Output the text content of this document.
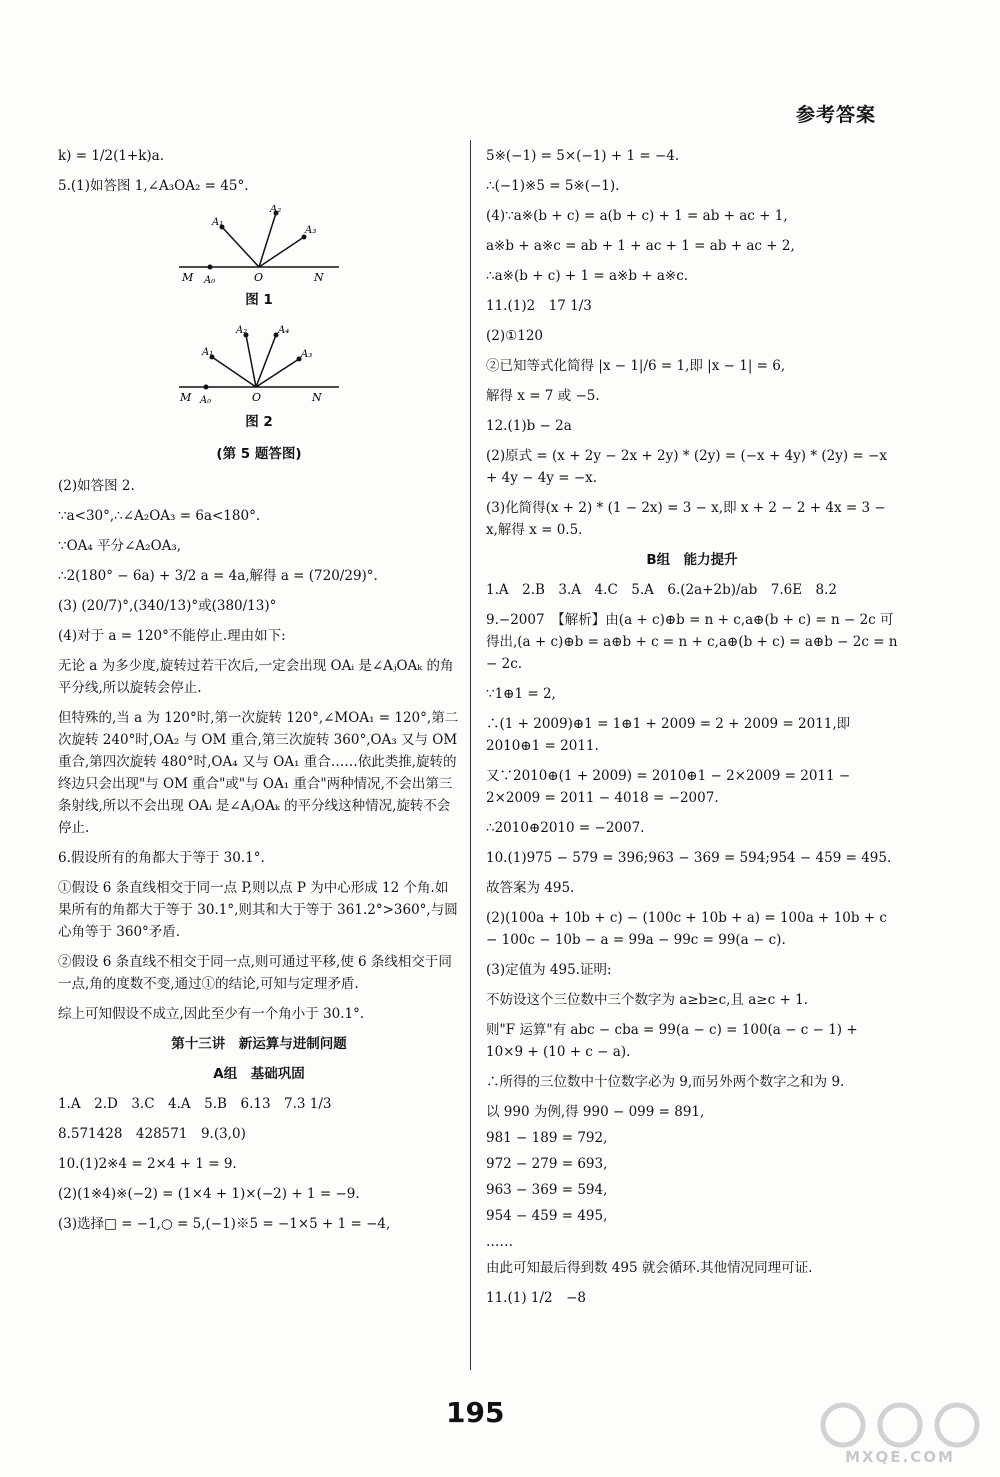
参考答案

k) = 1/2(1+k)a.

5.(1)如答图 1,∠A₃OA₂ = 45°.

M A₀	O	N
A₁
A₂
A₃

图 1

M A₀	O	N
A₁
A₂	A₄
A₃

图 2

(第 5 题答图)

(2)如答图 2.

∵a<30°,∴∠A₂OA₃ = 6a<180°.

∵OA₄ 平分∠A₂OA₃,

∴2(180° − 6a) + 3/2 a = 4a,解得 a = (720/29)°.

(3) (20/7)°,(340/13)°或(380/13)°

(4)对于 a = 120°不能停止.理由如下:

无论 a 为多少度,旋转过若干次后,一定会出现 OAᵢ 是∠AⱼOAₖ 的角平分线,所以旋转会停止.

但特殊的,当 a 为 120°时,第一次旋转 120°,∠MOA₁ = 120°,第二次旋转 240°时,OA₂ 与 OM 重合,第三次旋转 360°,OA₃ 又与 OM 重合,第四次旋转 480°时,OA₄ 又与 OA₁ 重合……依此类推,旋转的终边只会出现"与 OM 重合"或"与 OA₁ 重合"两种情况,不会出第三条射线,所以不会出现 OAᵢ 是∠AⱼOAₖ 的平分线这种情况,旋转不会停止.

6.假设所有的角都大于等于 30.1°.

①假设 6 条直线相交于同一点 P,则以点 P 为中心形成 12 个角.如果所有的角都大于等于 30.1°,则其和大于等于 361.2°>360°,与圆心角等于 360°矛盾.

②假设 6 条直线不相交于同一点,则可通过平移,使 6 条线相交于同一点,角的度数不变,通过①的结论,可知与定理矛盾.

综上可知假设不成立,因此至少有一个角小于 30.1°.

第十三讲　新运算与进制问题

A组　基础巩固

1.A　2.D　3.C　4.A　5.B　6.13　7.3 1/3

8.571428　428571　9.(3,0)

10.(1)2※4 = 2×4 + 1 = 9.

(2)(1※4)※(−2) = (1×4 + 1)×(−2) + 1 = −9.

(3)选择□ = −1,○ = 5,(−1)※5 = −1×5 + 1 = −4,

5※(−1) = 5×(−1) + 1 = −4.

∴(−1)※5 = 5※(−1).

(4)∵a※(b + c) = a(b + c) + 1 = ab + ac + 1,

a※b + a※c = ab + 1 + ac + 1 = ab + ac + 2,

∴a※(b + c) + 1 = a※b + a※c.

11.(1)2　17 1/3

(2)①120

②已知等式化简得 |x − 1|/6 = 1,即 |x − 1| = 6,

解得 x = 7 或 −5.

12.(1)b − 2a

(2)原式 = (x + 2y − 2x + 2y) * (2y) = (−x + 4y) * (2y) = −x + 4y − 4y = −x.

(3)化简得(x + 2) * (1 − 2x) = 3 − x,即 x + 2 − 2 + 4x = 3 − x,解得 x = 0.5.

B组　能力提升

1.A　2.B　3.A　4.C　5.A　6.(2a+2b)/ab　7.6E　8.2

9.−2007　【解析】由(a + c)⊕b = n + c,a⊕(b + c) = n − 2c 可得出,(a + c)⊕b = a⊕b + c = n + c,a⊕(b + c) = a⊕b − 2c = n − 2c.

∵1⊕1 = 2,

∴(1 + 2009)⊕1 = 1⊕1 + 2009 = 2 + 2009 = 2011,即 2010⊕1 = 2011.

又∵2010⊕(1 + 2009) = 2010⊕1 − 2×2009 = 2011 − 2×2009 = 2011 − 4018 = −2007.

∴2010⊕2010 = −2007.

10.(1)975 − 579 = 396;963 − 369 = 594;954 − 459 = 495.

故答案为 495.

(2)(100a + 10b + c) − (100c + 10b + a) = 100a + 10b + c − 100c − 10b − a = 99a − 99c = 99(a − c).

(3)定值为 495.证明:

不妨设这个三位数中三个数字为 a≥b≥c,且 a≥c + 1.

则"F 运算"有 abc − cba = 99(a − c) = 100(a − c − 1) + 10×9 + (10 + c − a).

∴所得的三位数中十位数字必为 9,而另外两个数字之和为 9.

以 990 为例,得 990 − 099 = 891,

981 − 189 = 792,

972 − 279 = 693,

963 − 369 = 594,

954 − 459 = 495,

……

由此可知最后得到数 495 就会循环.其他情况同理可证.

11.(1) 1/2　−8

195
MXQE.COM
